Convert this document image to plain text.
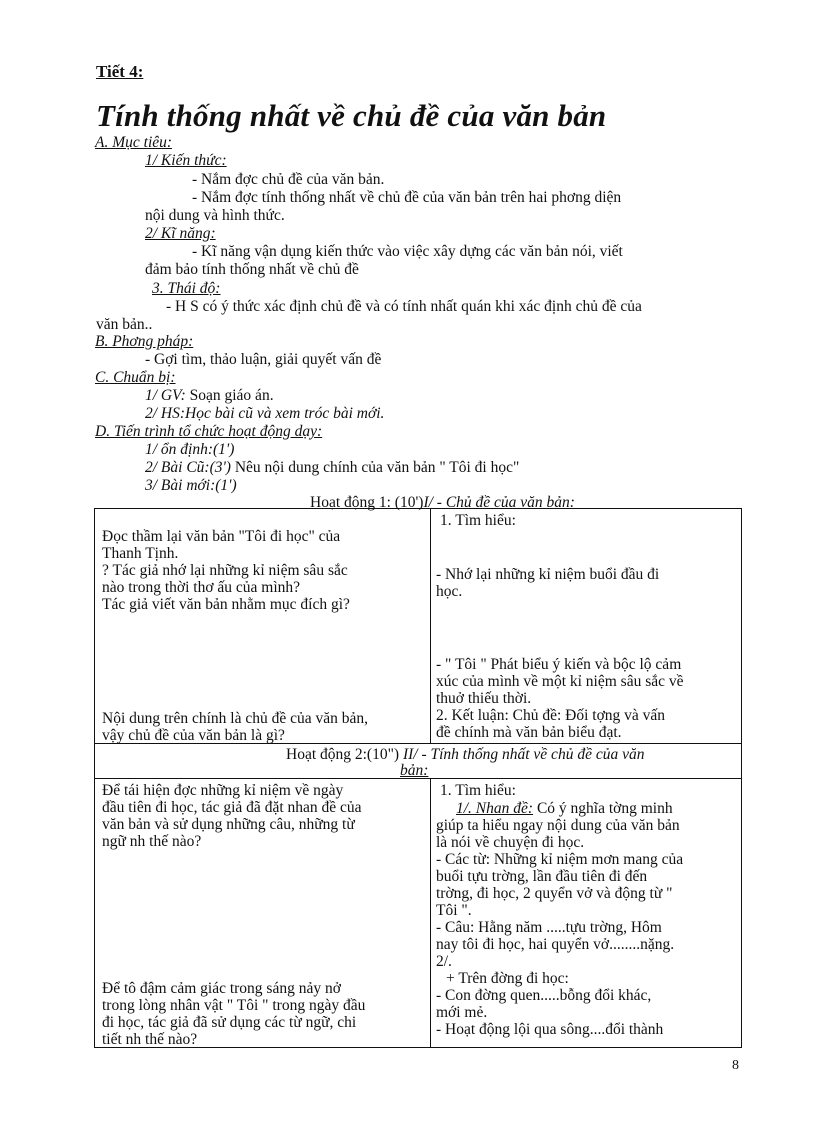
Tiết 4:
Tính thống nhất về chủ đề của văn bản
A. Mục tiêu:
1/ Kiến thức:
- Nắm đợc chủ đề của văn bản.
- Nắm đợc tính thống nhất về chủ đề của văn bản trên hai phơng diện
nội dung và hình thức.
2/ Kĩ năng:
- Kĩ năng vận dụng kiến thức vào việc xây dựng các văn bản nói, viết
đảm bảo tính thống nhất về chủ đề
3. Thái độ:
- H S có ý thức xác định chủ đề và có tính nhất quán khi xác định chủ đề của
văn bản..
B. Phơng pháp:
- Gợi tìm, thảo luận, giải quyết vấn đề
C. Chuẩn bị:
1/ GV: Soạn giáo án.
2/ HS:Học bài cũ và xem tróc bài mới.
D. Tiến trình tổ chức hoạt động dạy:
1/ ổn định:(1')
2/ Bài Cũ:(3') Nêu nội dung chính của văn bản " Tôi đi học"
3/ Bài mới:(1')
Hoạt động 1: (10')I/ - Chủ đề của văn bản:
Đọc thầm lại văn bản "Tôi đi học" của
Thanh Tịnh.
? Tác giả nhớ lại những kỉ niệm sâu sắc
nào trong thời thơ ấu của mình?
Tác giả viết văn bản nhằm mục đích gì?
Nội dung trên chính là chủ đề của văn bản,
vậy chủ đề của văn bản là gì?
1. Tìm hiểu:
- Nhớ lại những kỉ niệm buổi đầu đi
học.
- " Tôi " Phát biểu ý kiến và bộc lộ cảm
xúc của mình về một kỉ niệm sâu sắc về
thuở thiếu thời.
2. Kết luận: Chủ đề: Đối tợng và vấn
đề chính mà văn bản biểu đạt.
Hoạt động 2:(10") II/ - Tính thống nhất về chủ đề của văn
bản:
Để tái hiện đợc những kỉ niệm về ngày
đầu tiên đi học, tác giả đã đặt nhan đề của
văn bản và sử dụng những câu, những từ
ngữ nh thế nào?
Để tô đậm cảm giác trong sáng nảy nở
trong lòng nhân vật " Tôi " trong ngày đầu
đi học, tác giả đã sử dụng các từ ngữ, chi
tiết nh thế nào?
1. Tìm hiểu:
1/. Nhan đề: Có ý nghĩa tờng minh
giúp ta hiểu ngay nội dung của văn bản
là nói về chuyện đi học.
- Các từ: Những kỉ niệm mơn mang của
buổi tựu trờng, lần đầu tiên đi đến
trờng, đi học, 2 quyển vở và động từ "
Tôi ".
- Câu: Hằng năm .....tựu trờng, Hôm
nay tôi đi học, hai quyển vở........nặng.
2/.
+ Trên đờng đi học:
- Con đờng quen.....bỗng đổi khác,
mới mẻ.
- Hoạt động lội qua sông....đổi thành
8
